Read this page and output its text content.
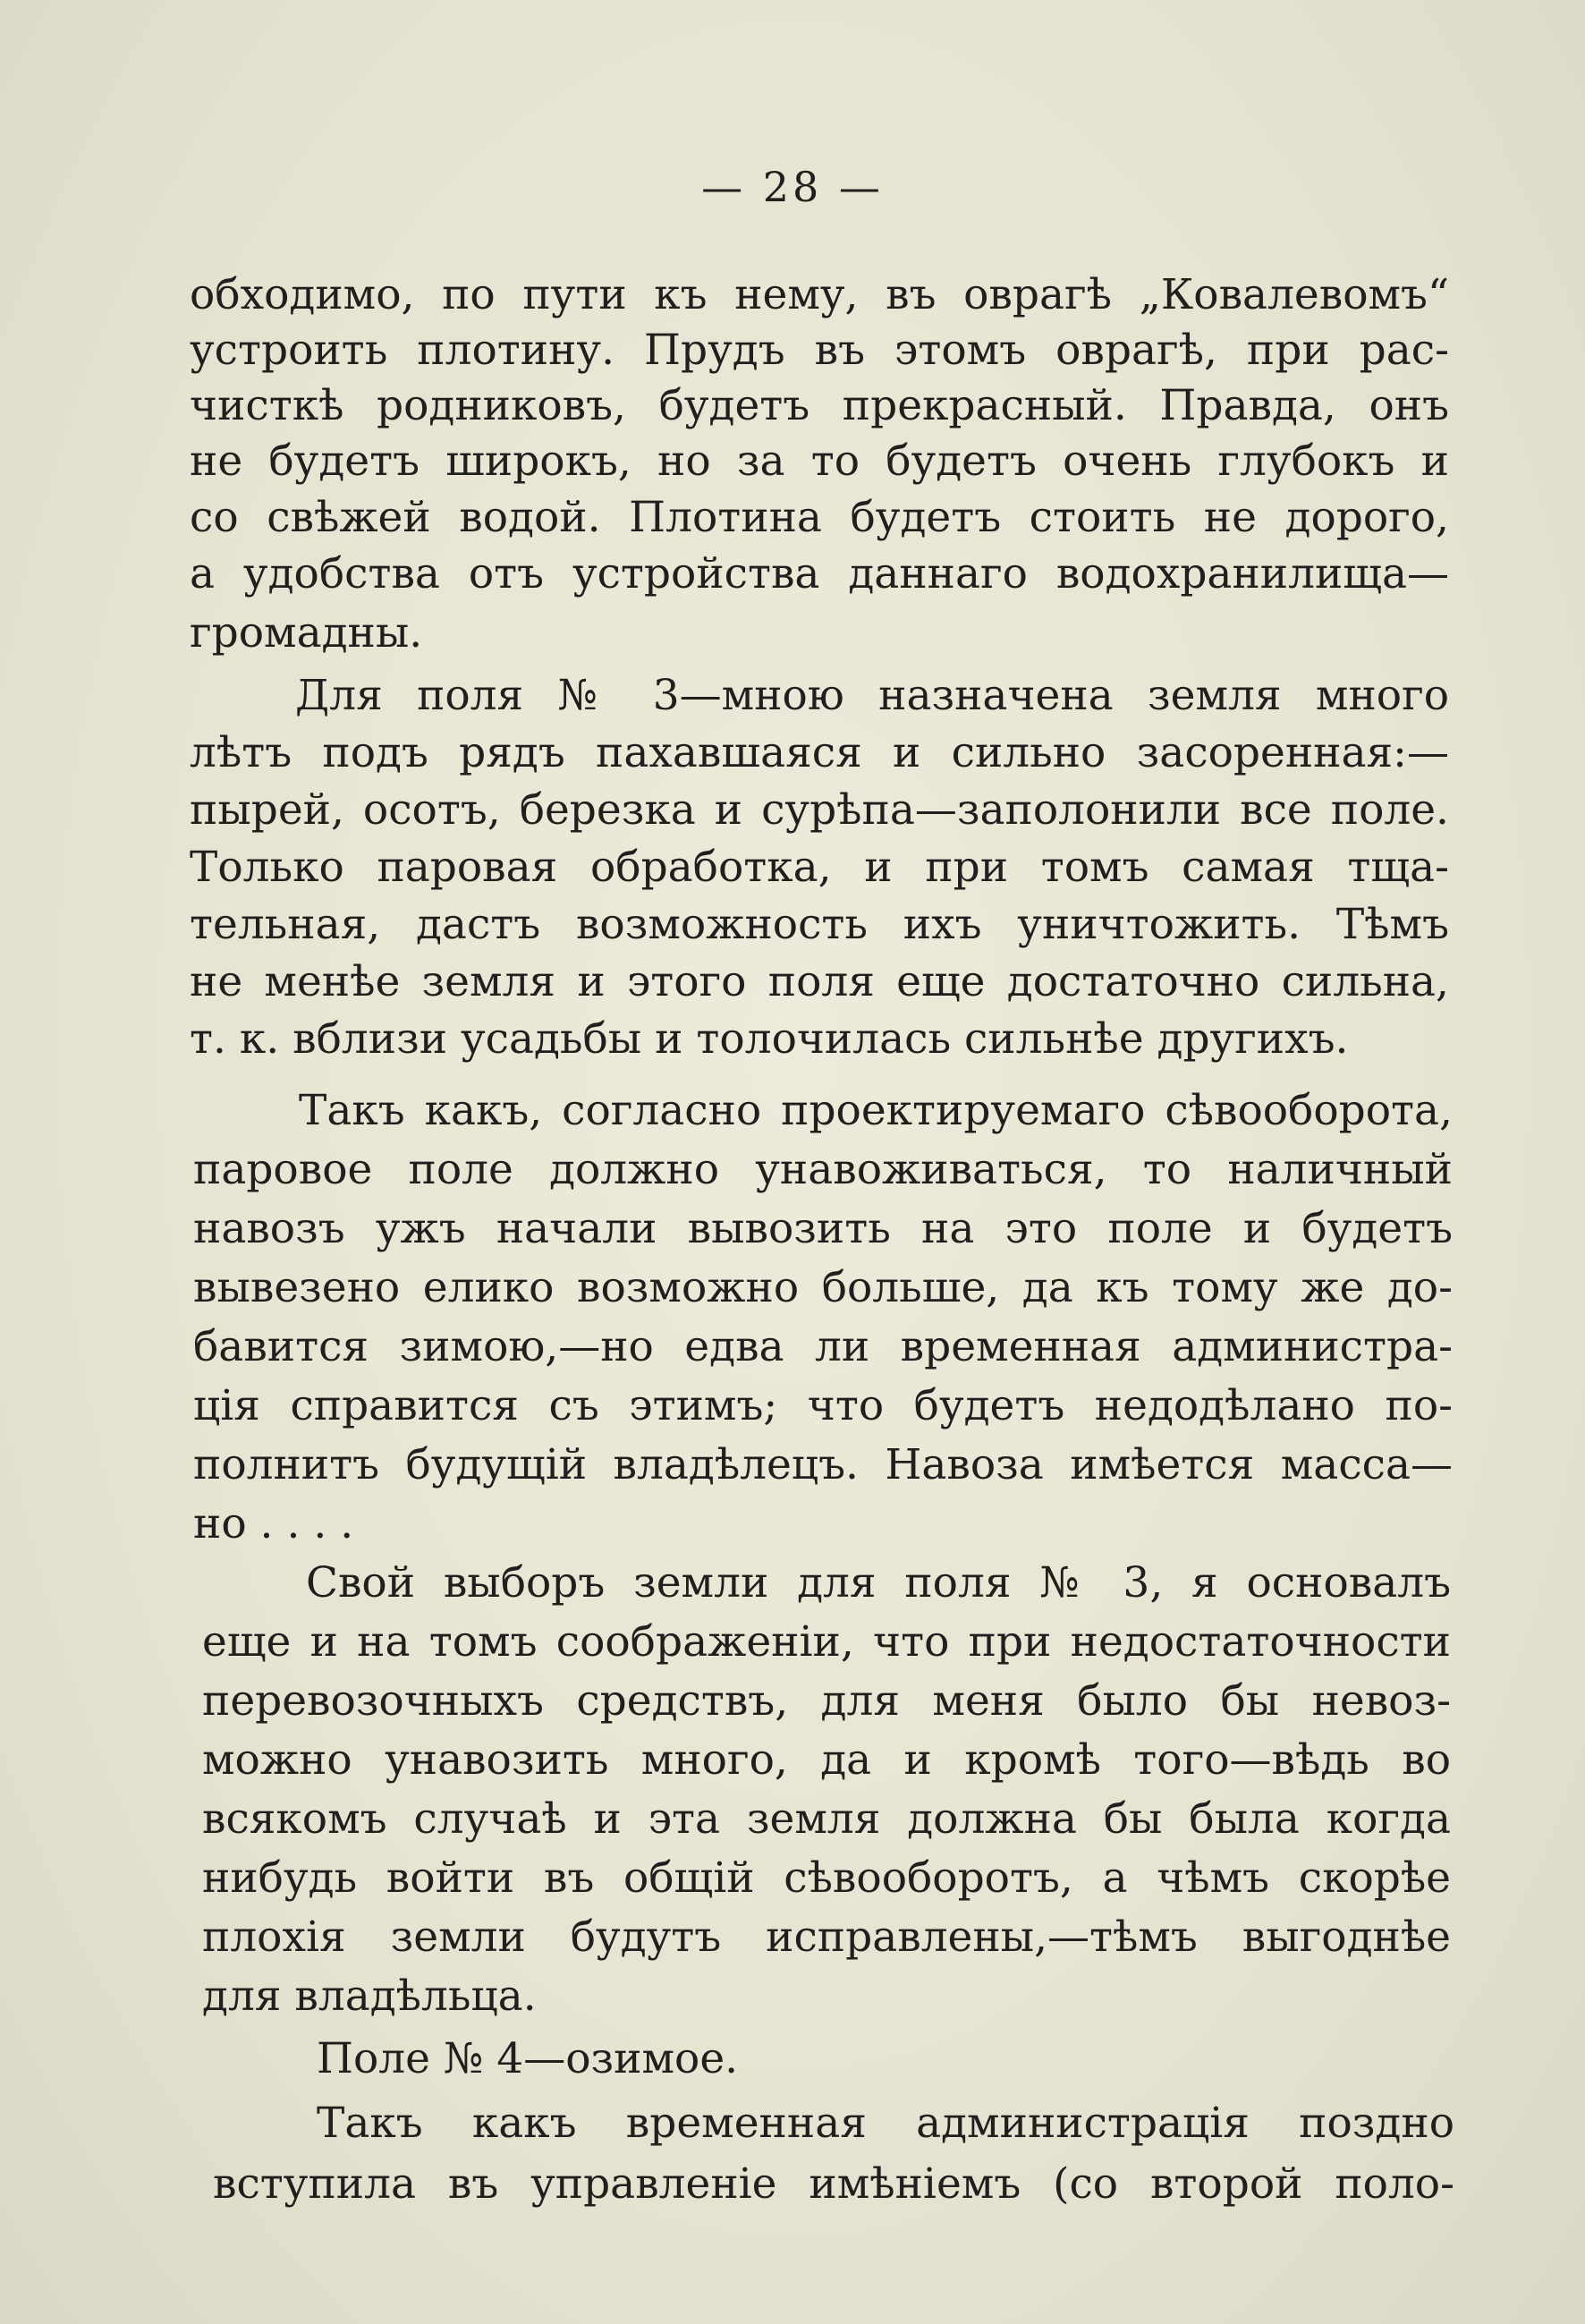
— 28 —
обходимо, по пути къ нему, въ оврагѣ „Ковалевомъ“
устроить плотину. Прудъ въ этомъ оврагѣ, при рас-
чисткѣ родниковъ, будетъ прекрасный. Правда, онъ
не будетъ широкъ, но за то будетъ очень глубокъ и
со свѣжей водой. Плотина будетъ стоить не дорого,
а удобства отъ устройства даннаго водохранилища—
громадны.
Для поля № 3—мною назначена земля много
лѣтъ подъ рядъ пахавшаяся и сильно засоренная:—
пырей, осотъ, березка и сурѣпа—заполонили все поле.
Только паровая обработка, и при томъ самая тща-
тельная, дастъ возможность ихъ уничтожить. Тѣмъ
не менѣе земля и этого поля еще достаточно сильна,
т. к. вблизи усадьбы и толочилась сильнѣе другихъ.
Такъ какъ, согласно проектируемаго сѣвооборота,
паровое поле должно унавоживаться, то наличный
навозъ ужъ начали вывозить на это поле и будетъ
вывезено елико возможно больше, да къ тому же до-
бавится зимою,—но едва ли временная администра-
ція справится съ этимъ; что будетъ недодѣлано по-
полнитъ будущій владѣлецъ. Навоза имѣется масса—
но . . . .
Свой выборъ земли для поля № 3, я основалъ
еще и на томъ соображеніи, что при недостаточности
перевозочныхъ средствъ, для меня было бы невоз-
можно унавозить много, да и кромѣ того—вѣдь во
всякомъ случаѣ и эта земля должна бы была когда
нибудь войти въ общій сѣвооборотъ, а чѣмъ скорѣе
плохія земли будутъ исправлены,—тѣмъ выгоднѣе
для владѣльца.
Поле № 4—озимое.
Такъ какъ временная администрація поздно
вступила въ управленіе имѣніемъ (со второй поло-
